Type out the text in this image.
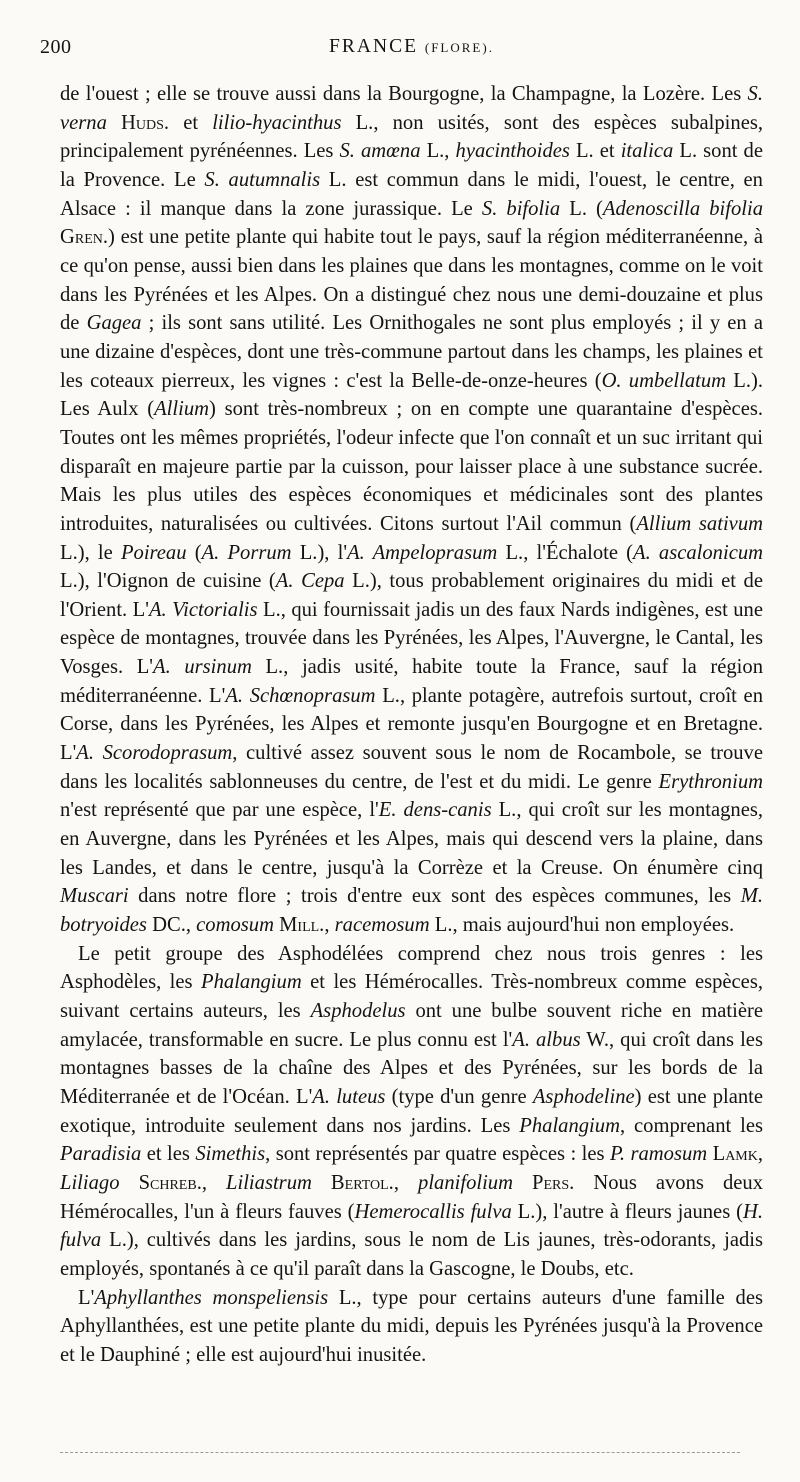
200	FRANCE (FLORE).

de l'ouest ; elle se trouve aussi dans la Bourgogne, la Champagne, la Lozère. Les S. verna Huds. et lilio-hyacinthus L., non usités, sont des espèces subalpines, principalement pyrénéennes. Les S. amœna L., hyacinthoides L. et italica L. sont de la Provence. Le S. autumnalis L. est commun dans le midi, l'ouest, le centre, en Alsace : il manque dans la zone jurassique. Le S. bifolia L. (Adenoscilla bifolia Gren.) est une petite plante qui habite tout le pays, sauf la région méditerranéenne, à ce qu'on pense, aussi bien dans les plaines que dans les montagnes, comme on le voit dans les Pyrénées et les Alpes. On a distingué chez nous une demi-douzaine et plus de Gagea ; ils sont sans utilité. Les Ornithogales ne sont plus employés ; il y en a une dizaine d'espèces, dont une très-commune partout dans les champs, les plaines et les coteaux pierreux, les vignes : c'est la Belle-de-onze-heures (O. umbellatum L.). Les Aulx (Allium) sont très-nombreux ; on en compte une quarantaine d'espèces. Toutes ont les mêmes propriétés, l'odeur infecte que l'on connaît et un suc irritant qui disparaît en majeure partie par la cuisson, pour laisser place à une substance sucrée. Mais les plus utiles des espèces économiques et médicinales sont des plantes introduites, naturalisées ou cultivées. Citons surtout l'Ail commun (Allium sativum L.), le Poireau (A. Porrum L.), l'A. Ampeloprasum L., l'Échalote (A. ascalonicum L.), l'Oignon de cuisine (A. Cepa L.), tous probablement originaires du midi et de l'Orient. L'A. Victorialis L., qui fournissait jadis un des faux Nards indigènes, est une espèce de montagnes, trouvée dans les Pyrénées, les Alpes, l'Auvergne, le Cantal, les Vosges. L'A. ursinum L., jadis usité, habite toute la France, sauf la région méditerranéenne. L'A. Schœnoprasum L., plante potagère, autrefois surtout, croît en Corse, dans les Pyrénées, les Alpes et remonte jusqu'en Bourgogne et en Bretagne. L'A. Scorodoprasum, cultivé assez souvent sous le nom de Rocambole, se trouve dans les localités sablonneuses du centre, de l'est et du midi. Le genre Erythronium n'est représenté que par une espèce, l'E. dens-canis L., qui croît sur les montagnes, en Auvergne, dans les Pyrénées et les Alpes, mais qui descend vers la plaine, dans les Landes, et dans le centre, jusqu'à la Corrèze et la Creuse. On énumère cinq Muscari dans notre flore ; trois d'entre eux sont des espèces communes, les M. botryoides DC., comosum Mill., racemosum L., mais aujourd'hui non employées.

Le petit groupe des Asphodélées comprend chez nous trois genres : les Asphodèles, les Phalangium et les Hémérocalles. Très-nombreux comme espèces, suivant certains auteurs, les Asphodelus ont une bulbe souvent riche en matière amylacée, transformable en sucre. Le plus connu est l'A. albus W., qui croît dans les montagnes basses de la chaîne des Alpes et des Pyrénées, sur les bords de la Méditerranée et de l'Océan. L'A. luteus (type d'un genre Asphodeline) est une plante exotique, introduite seulement dans nos jardins. Les Phalangium, comprenant les Paradisia et les Simethis, sont représentés par quatre espèces : les P. ramosum Lamk, Liliago Schreb., Liliastrum Bertol., planifolium Pers. Nous avons deux Hémérocalles, l'un à fleurs fauves (Hemerocallis fulva L.), l'autre à fleurs jaunes (H. fulva L.), cultivés dans les jardins, sous le nom de Lis jaunes, très-odorants, jadis employés, spontanés à ce qu'il paraît dans la Gascogne, le Doubs, etc.

L'Aphyllanthes monspeliensis L., type pour certains auteurs d'une famille des Aphyllanthées, est une petite plante du midi, depuis les Pyrénées jusqu'à la Provence et le Dauphiné ; elle est aujourd'hui inusitée.
